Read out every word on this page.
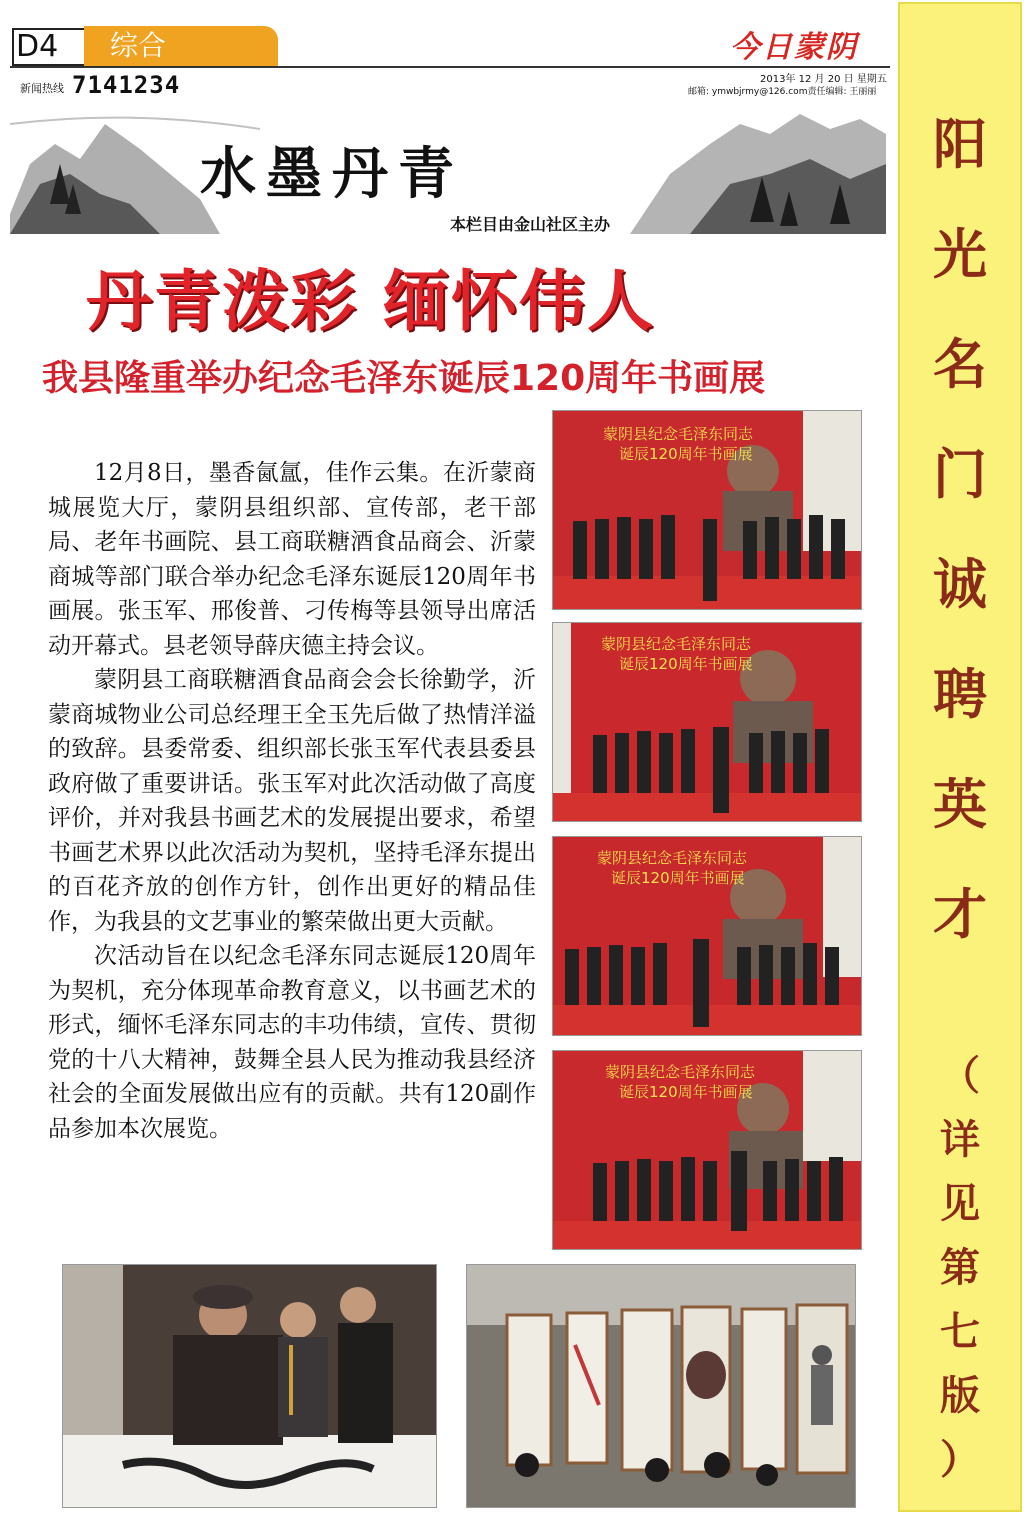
D4	综合	今日蒙阴
新闻热线 7141234	2013年 12 月 20 日 星期五
邮箱: ymwbjrmy@126.com责任编辑: 王丽丽
水墨丹青
本栏目由金山社区主办
丹青泼彩 缅怀伟人
我县隆重举办纪念毛泽东诞辰120周年书画展

12月8日，墨香氤氲，佳作云集。在沂蒙商城展览大厅，蒙阴县组织部、宣传部，老干部局、老年书画院、县工商联糖酒食品商会、沂蒙商城等部门联合举办纪念毛泽东诞辰120周年书画展。张玉军、邢俊普、刁传梅等县领导出席活动开幕式。县老领导薛庆德主持会议。

蒙阴县工商联糖酒食品商会会长徐勤学，沂蒙商城物业公司总经理王全玉先后做了热情洋溢的致辞。县委常委、组织部长张玉军代表县委县政府做了重要讲话。张玉军对此次活动做了高度评价，并对我县书画艺术的发展提出要求，希望书画艺术界以此次活动为契机，坚持毛泽东提出的百花齐放的创作方针，创作出更好的精品佳作，为我县的文艺事业的繁荣做出更大贡献。

次活动旨在以纪念毛泽东同志诞辰120周年为契机，充分体现革命教育意义，以书画艺术的形式，缅怀毛泽东同志的丰功伟绩，宣传、贯彻党的十八大精神，鼓舞全县人民为推动我县经济社会的全面发展做出应有的贡献。共有120副作品参加本次展览。

蒙阴县纪念毛泽东同志
诞辰120周年书画展
蒙阴县纪念毛泽东同志
诞辰120周年书画展
蒙阴县纪念毛泽东同志
诞辰120周年书画展
蒙阴县纪念毛泽东同志
诞辰120周年书画展
阳
光
名
门
诚
聘
英
才
（
详
见
第
七
版
）
